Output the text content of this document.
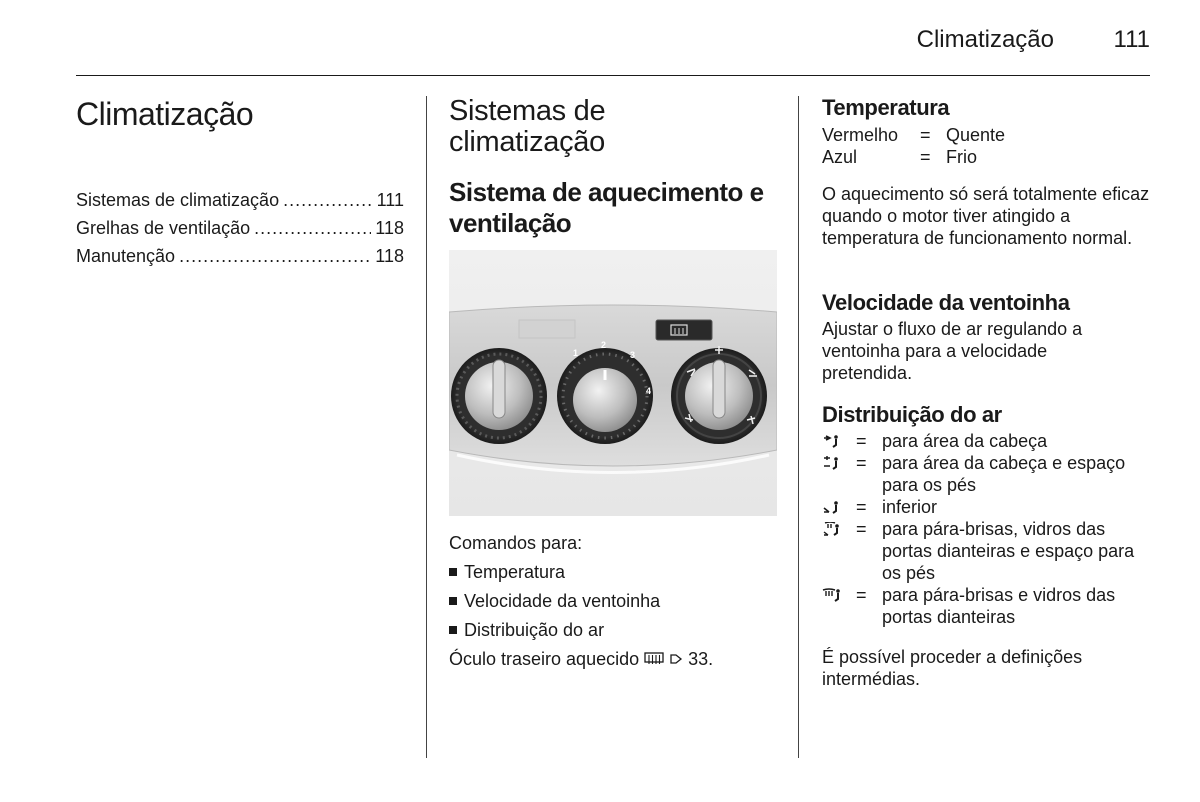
Climatização 111
Climatização
Sistemas de climatização .....	111
Grelhas de ventilação .....	118
Manutenção .....	118
Sistemas de climatização
Sistema de aquecimento e ventilação
1
2
3
4
Comandos para:
Temperatura
Velocidade da ventoinha
Distribuição do ar
Óculo traseiro aquecido	33.
Temperatura
Vermelho	= Quente
Azul	= Frio
O aquecimento só será totalmente eficaz quando o motor tiver atingido a temperatura de funcionamento normal.
Velocidade da ventoinha
Ajustar o fluxo de ar regulando a ventoinha para a velocidade pretendida.
Distribuição do ar
= para área da cabeça
= para área da cabeça e espaço para os pés
= inferior
= para pára-brisas, vidros das portas dianteiras e espaço para os pés
= para pára-brisas e vidros das portas dianteiras
É possível proceder a definições intermédias.
